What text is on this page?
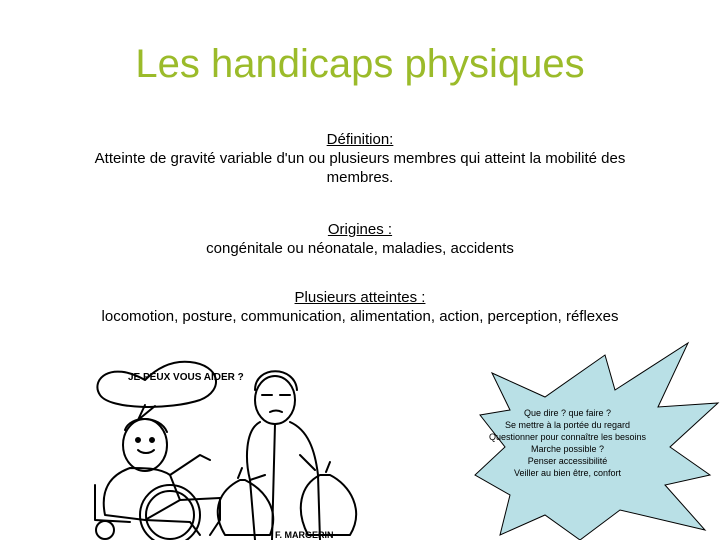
Les handicaps physiques
Définition:
Atteinte de gravité variable d'un ou plusieurs membres qui atteint la mobilité des membres.
Origines :
congénitale ou néonatale, maladies, accidents
Plusieurs atteintes :
locomotion, posture, communication, alimentation, action, perception, réflexes
JE PEUX VOUS AIDER ?
F. MARGERIN
Que dire ? que faire ?
Se mettre à la portée du regard
Questionner pour connaître les besoins
Marche possible ?
Penser accessibilité
Veiller au bien être, confort
